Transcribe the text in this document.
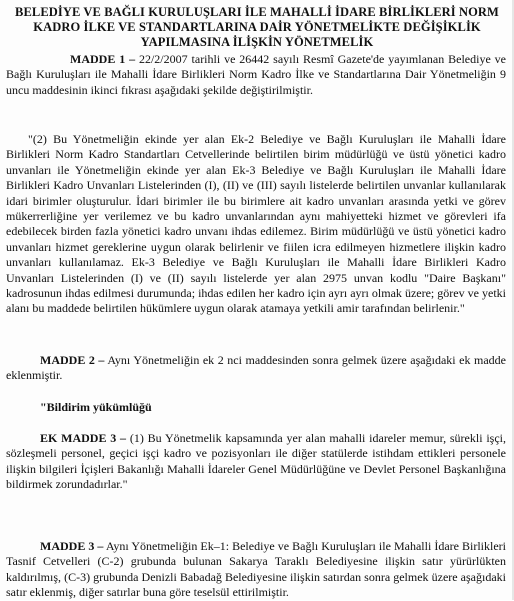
BELEDİYE VE BAĞLI KURULUŞLARI İLE MAHALLİ İDARE BİRLİKLERİ NORM KADRO İLKE VE STANDARTLARINA DAİR YÖNETMELİKTE DEĞİŞİKLİK YAPILMASINA İLİŞKİN YÖNETMELİK
MADDE 1 – 22/2/2007 tarihli ve 26442 sayılı Resmî Gazete'de yayımlanan Belediye ve Bağlı Kuruluşları ile Mahalli İdare Birlikleri Norm Kadro İlke ve Standartlarına Dair Yönetmeliğin 9 uncu maddesinin ikinci fıkrası aşağıdaki şekilde değiştirilmiştir.
"(2) Bu Yönetmeliğin ekinde yer alan Ek-2 Belediye ve Bağlı Kuruluşları ile Mahalli İdare Birlikleri Norm Kadro Standartları Cetvellerinde belirtilen birim müdürlüğü ve üstü yönetici kadro unvanları ile Yönetmeliğin ekinde yer alan Ek-3 Belediye ve Bağlı Kuruluşları ile Mahalli İdare Birlikleri Kadro Unvanları Listelerinden (I), (II) ve (III) sayılı listelerde belirtilen unvanlar kullanılarak idari birimler oluşturulur. İdari birimler ile bu birimlere ait kadro unvanları arasında yetki ve görev mükerrerliğine yer verilemez ve bu kadro unvanlarından aynı mahiyetteki hizmet ve görevleri ifa edebilecek birden fazla yönetici kadro unvanı ihdas edilemez. Birim müdürlüğü ve üstü yönetici kadro unvanları hizmet gereklerine uygun olarak belirlenir ve fiilen icra edilmeyen hizmetlere ilişkin kadro unvanları kullanılamaz. Ek-3 Belediye ve Bağlı Kuruluşları ile Mahalli İdare Birlikleri Kadro Unvanları Listelerinden (I) ve (II) sayılı listelerde yer alan 2975 unvan kodlu "Daire Başkanı" kadrosunun ihdas edilmesi durumunda; ihdas edilen her kadro için ayrı ayrı olmak üzere; görev ve yetki alanı bu maddede belirtilen hükümlere uygun olarak atamaya yetkili amir tarafından belirlenir."
MADDE 2 – Aynı Yönetmeliğin ek 2 nci maddesinden sonra gelmek üzere aşağıdaki ek madde eklenmiştir.
"Bildirim yükümlüğü
EK MADDE 3 – (1) Bu Yönetmelik kapsamında yer alan mahalli idareler memur, sürekli işçi, sözleşmeli personel, geçici işçi kadro ve pozisyonları ile diğer statülerde istihdam ettikleri personele ilişkin bilgileri İçişleri Bakanlığı Mahalli İdareler Genel Müdürlüğüne ve Devlet Personel Başkanlığına bildirmek zorundadırlar."
MADDE 3 – Aynı Yönetmeliğin Ek–1: Belediye ve Bağlı Kuruluşları ile Mahalli İdare Birlikleri Tasnif Cetvelleri (C-2) grubunda bulunan Sakarya Taraklı Belediyesine ilişkin satır yürürlükten kaldırılmış, (C-3) grubunda Denizli Babadağ Belediyesine ilişkin satırdan sonra gelmek üzere aşağıdaki satır eklenmiş, diğer satırlar buna göre teselsül ettirilmiştir.
